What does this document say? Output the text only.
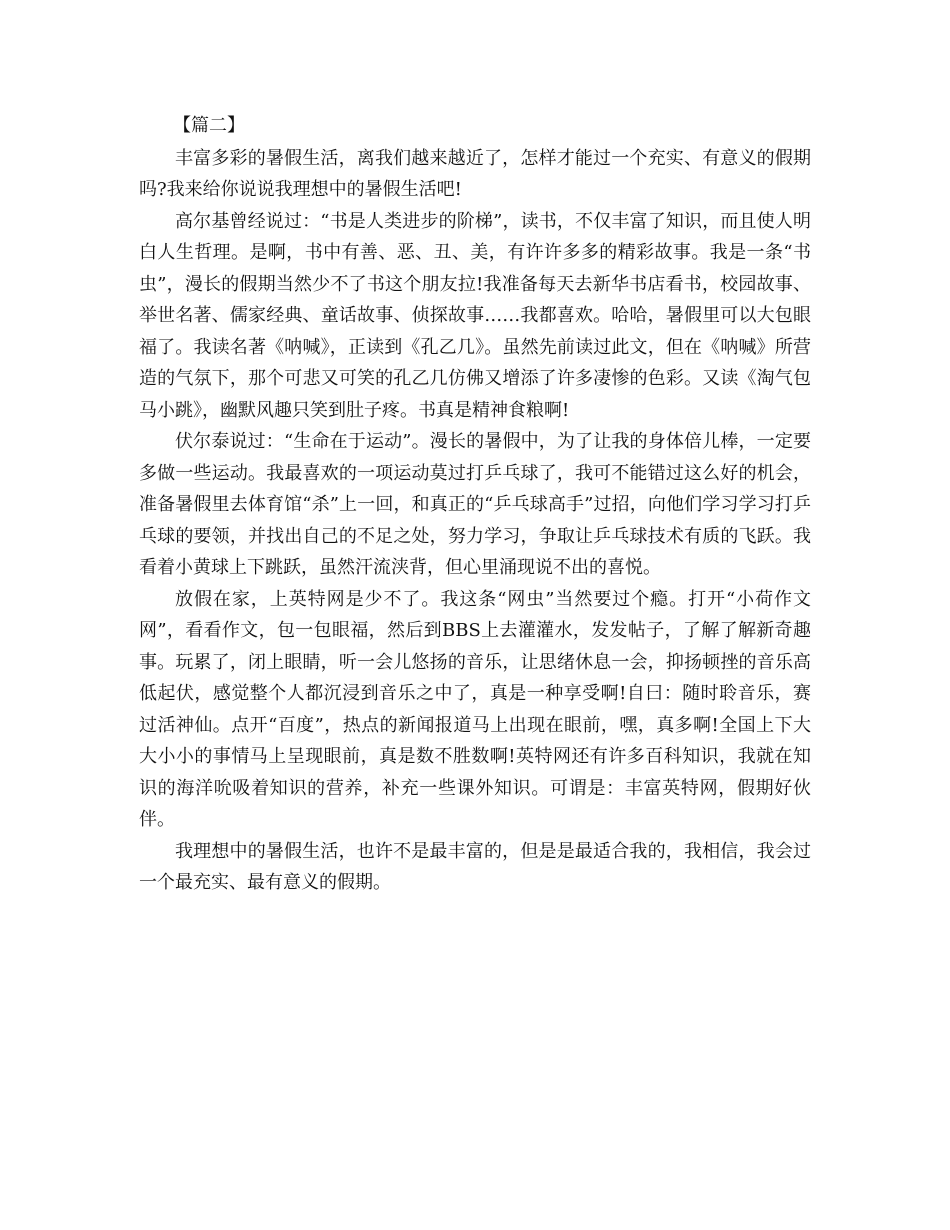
【篇二】

丰富多彩的暑假生活，离我们越来越近了，怎样才能过一个充实、有意义的假期吗?我来给你说说我理想中的暑假生活吧!

高尔基曾经说过：“书是人类进步的阶梯”，读书，不仅丰富了知识，而且使人明白人生哲理。是啊，书中有善、恶、丑、美，有许许多多的精彩故事。我是一条“书虫”，漫长的假期当然少不了书这个朋友拉!我准备每天去新华书店看书，校园故事、举世名著、儒家经典、童话故事、侦探故事……我都喜欢。哈哈，暑假里可以大包眼福了。我读名著《呐喊》，正读到《孔乙几》。虽然先前读过此文，但在《呐喊》所营造的气氛下，那个可悲又可笑的孔乙几仿佛又增添了许多凄惨的色彩。又读《淘气包马小跳》，幽默风趣只笑到肚子疼。书真是精神食粮啊!

伏尔泰说过：“生命在于运动”。漫长的暑假中，为了让我的身体倍儿棒，一定要多做一些运动。我最喜欢的一项运动莫过打乒乓球了，我可不能错过这么好的机会，准备暑假里去体育馆“杀”上一回，和真正的“乒乓球高手”过招，向他们学习学习打乒乓球的要领，并找出自己的不足之处，努力学习，争取让乒乓球技术有质的飞跃。我看着小黄球上下跳跃，虽然汗流浃背，但心里涌现说不出的喜悦。

放假在家，上英特网是少不了。我这条“网虫”当然要过个瘾。打开“小荷作文网”，看看作文，包一包眼福，然后到BBS上去灌灌水，发发帖子，了解了解新奇趣事。玩累了，闭上眼睛，听一会儿悠扬的音乐，让思绪休息一会，抑扬顿挫的音乐高低起伏，感觉整个人都沉浸到音乐之中了，真是一种享受啊!自曰：随时聆音乐，赛过活神仙。点开“百度”，热点的新闻报道马上出现在眼前，嘿，真多啊!全国上下大大小小的事情马上呈现眼前，真是数不胜数啊!英特网还有许多百科知识，我就在知识的海洋吮吸着知识的营养，补充一些课外知识。可谓是：丰富英特网，假期好伙伴。

我理想中的暑假生活，也许不是最丰富的，但是是最适合我的，我相信，我会过一个最充实、最有意义的假期。
